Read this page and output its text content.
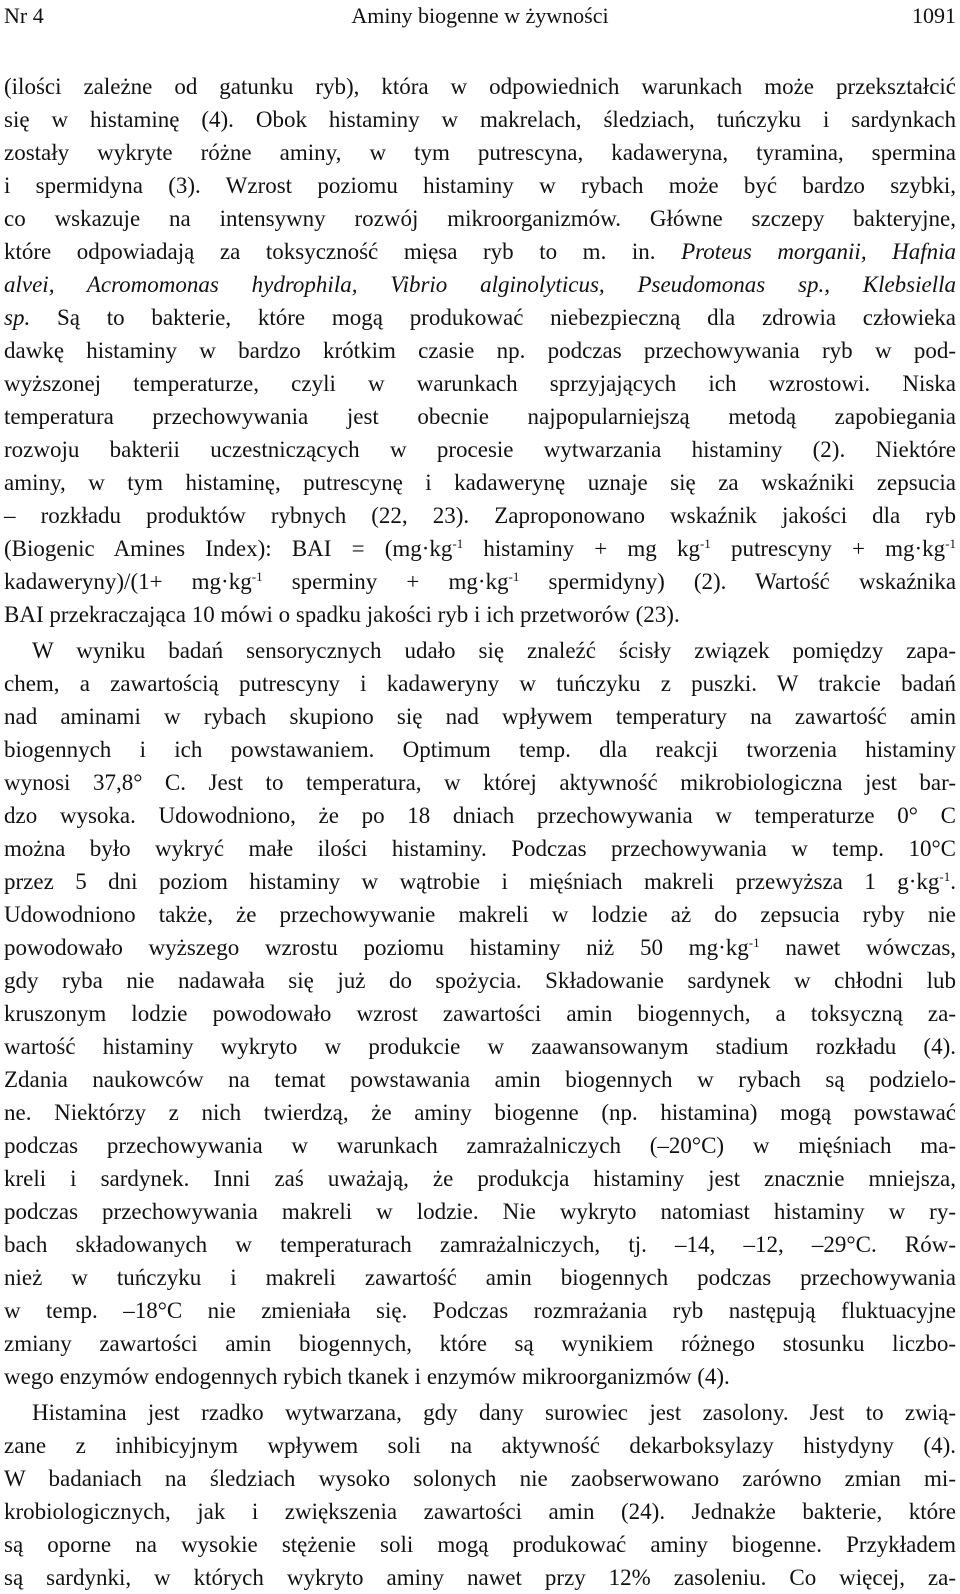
Nr 4	Aminy biogenne w żywności	1091
(ilości zależne od gatunku ryb), która w odpowiednich warunkach może przekształcić
się w histaminę (4). Obok histaminy w makrelach, śledziach, tuńczyku i sardynkach
zostały wykryte różne aminy, w tym putrescyna, kadaweryna, tyramina, spermina
i spermidyna (3). Wzrost poziomu histaminy w rybach może być bardzo szybki,
co wskazuje na intensywny rozwój mikroorganizmów. Główne szczepy bakteryjne,
które odpowiadają za toksyczność mięsa ryb to m. in. Proteus morganii, Hafnia
alvei, Acromomonas hydrophila, Vibrio alginolyticus, Pseudomonas sp., Klebsiella
sp. Są to bakterie, które mogą produkować niebezpieczną dla zdrowia człowieka
dawkę histaminy w bardzo krótkim czasie np. podczas przechowywania ryb w pod-
wyższonej temperaturze, czyli w warunkach sprzyjających ich wzrostowi. Niska
temperatura przechowywania jest obecnie najpopularniejszą metodą zapobiegania
rozwoju bakterii uczestniczących w procesie wytwarzania histaminy (2). Niektóre
aminy, w tym histaminę, putrescynę i kadawerynę uznaje się za wskaźniki zepsucia
– rozkładu produktów rybnych (22, 23). Zaproponowano wskaźnik jakości dla ryb
(Biogenic Amines Index): BAI = ($mg\cdot kg^{-1}$ histaminy + mg $kg^{-1}$ putrescyny + $mg\cdot kg^{-1}$
kadaweryny)/(1+ $mg\cdot kg^{-1}$ sperminy + $mg\cdot kg^{-1}$ spermidyny) (2). Wartość wskaźnika
BAI przekraczająca 10 mówi o spadku jakości ryb i ich przetworów (23).
W wyniku badań sensorycznych udało się znaleźć ścisły związek pomiędzy zapa-
chem, a zawartością putrescyny i kadaweryny w tuńczyku z puszki. W trakcie badań
nad aminami w rybach skupiono się nad wpływem temperatury na zawartość amin
biogennych i ich powstawaniem. Optimum temp. dla reakcji tworzenia histaminy
wynosi 37,8° C. Jest to temperatura, w której aktywność mikrobiologiczna jest bar-
dzo wysoka. Udowodniono, że po 18 dniach przechowywania w temperaturze 0° C
można było wykryć małe ilości histaminy. Podczas przechowywania w temp. 10°C
przez 5 dni poziom histaminy w wątrobie i mięśniach makreli przewyższa 1 $g\cdot kg^{-1}$.
Udowodniono także, że przechowywanie makreli w lodzie aż do zepsucia ryby nie
powodowało wyższego wzrostu poziomu histaminy niż 50 $mg\cdot kg^{-1}$ nawet wówczas,
gdy ryba nie nadawała się już do spożycia. Składowanie sardynek w chłodni lub
kruszonym lodzie powodowało wzrost zawartości amin biogennych, a toksyczną za-
wartość histaminy wykryto w produkcie w zaawansowanym stadium rozkładu (4).
Zdania naukowców na temat powstawania amin biogennych w rybach są podzielo-
ne. Niektórzy z nich twierdzą, że aminy biogenne (np. histamina) mogą powstawać
podczas przechowywania w warunkach zamrażalniczych (–20°C) w mięśniach ma-
kreli i sardynek. Inni zaś uważają, że produkcja histaminy jest znacznie mniejsza,
podczas przechowywania makreli w lodzie. Nie wykryto natomiast histaminy w ry-
bach składowanych w temperaturach zamrażalniczych, tj. –14, –12, –29°C. Rów-
nież w tuńczyku i makreli zawartość amin biogennych podczas przechowywania
w temp. –18°C nie zmieniała się. Podczas rozmrażania ryb następują fluktuacyjne
zmiany zawartości amin biogennych, które są wynikiem różnego stosunku liczbo-
wego enzymów endogennych rybich tkanek i enzymów mikroorganizmów (4).
Histamina jest rzadko wytwarzana, gdy dany surowiec jest zasolony. Jest to zwią-
zane z inhibicyjnym wpływem soli na aktywność dekarboksylazy histydyny (4).
W badaniach na śledziach wysoko solonych nie zaobserwowano zarówno zmian mi-
krobiologicznych, jak i zwiększenia zawartości amin (24). Jednakże bakterie, które
są oporne na wysokie stężenie soli mogą produkować aminy biogenne. Przykładem
są sardynki, w których wykryto aminy nawet przy 12% zasoleniu. Co więcej, za-
